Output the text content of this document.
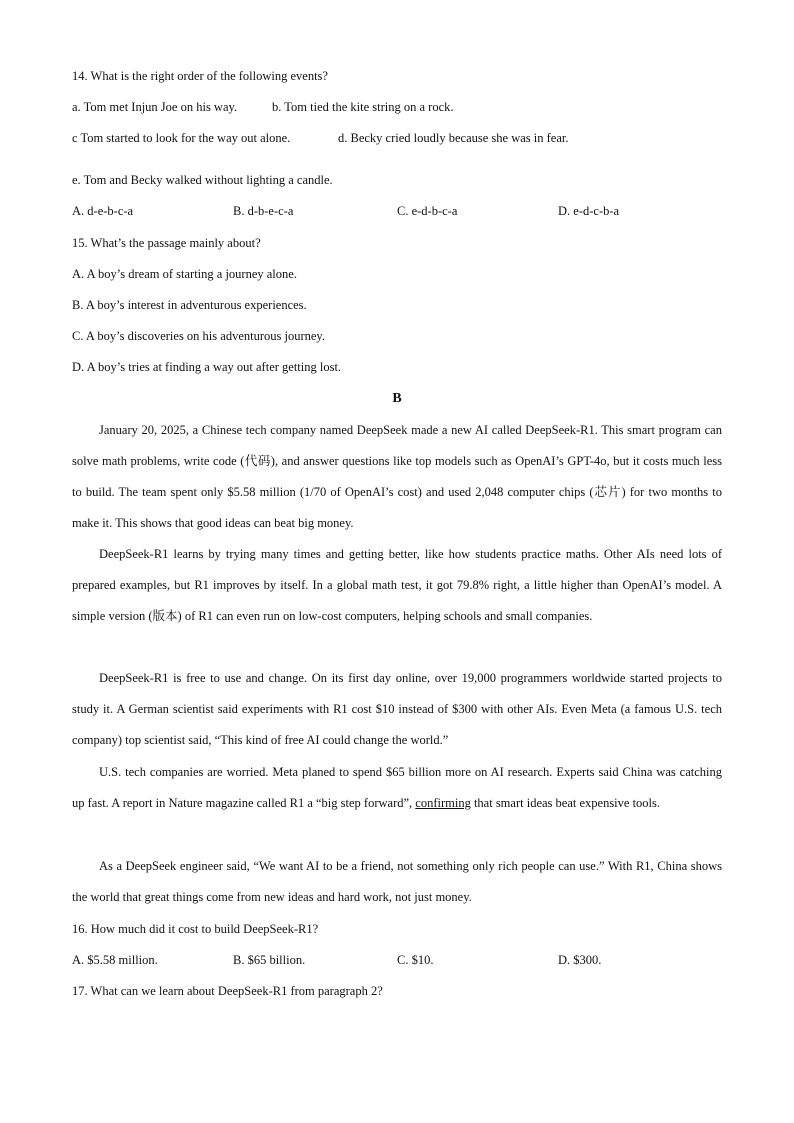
14. What is the right order of the following events?
a. Tom met Injun Joe on his way.	b. Tom tied the kite string on a rock.
c Tom started to look for the way out alone.	d. Becky cried loudly because she was in fear.
e. Tom and Becky walked without lighting a candle.
A. d-e-b-c-a	B. d-b-e-c-a	C. e-d-b-c-a	D. e-d-c-b-a
15. What’s the passage mainly about?
A. A boy’s dream of starting a journey alone.
B. A boy’s interest in adventurous experiences.
C. A boy’s discoveries on his adventurous journey.
D. A boy’s tries at finding a way out after getting lost.
B
January 20, 2025, a Chinese tech company named DeepSeek made a new AI called DeepSeek-R1. This smart program can solve math problems, write code (代码), and answer questions like top models such as OpenAI’s GPT-4o, but it costs much less to build. The team spent only $5.58 million (1/70 of OpenAI’s cost) and used 2,048 computer chips (芯片) for two months to make it. This shows that good ideas can beat big money.
DeepSeek-R1 learns by trying many times and getting better, like how students practice maths. Other AIs need lots of prepared examples, but R1 improves by itself. In a global math test, it got 79.8% right, a little higher than OpenAI’s model. A simple version (版本) of R1 can even run on low-cost computers, helping schools and small companies.
DeepSeek-R1 is free to use and change. On its first day online, over 19,000 programmers worldwide started projects to study it. A German scientist said experiments with R1 cost $10 instead of $300 with other AIs. Even Meta (a famous U.S. tech company) top scientist said, “This kind of free AI could change the world.”
U.S. tech companies are worried. Meta planed to spend $65 billion more on AI research. Experts said China was catching up fast. A report in Nature magazine called R1 a “big step forward”, confirming that smart ideas beat expensive tools.
As a DeepSeek engineer said, “We want AI to be a friend, not something only rich people can use.” With R1, China shows the world that great things come from new ideas and hard work, not just money.
16. How much did it cost to build DeepSeek-R1?
A. $5.58 million.	B. $65 billion.	C. $10.	D. $300.
17. What can we learn about DeepSeek-R1 from paragraph 2?
